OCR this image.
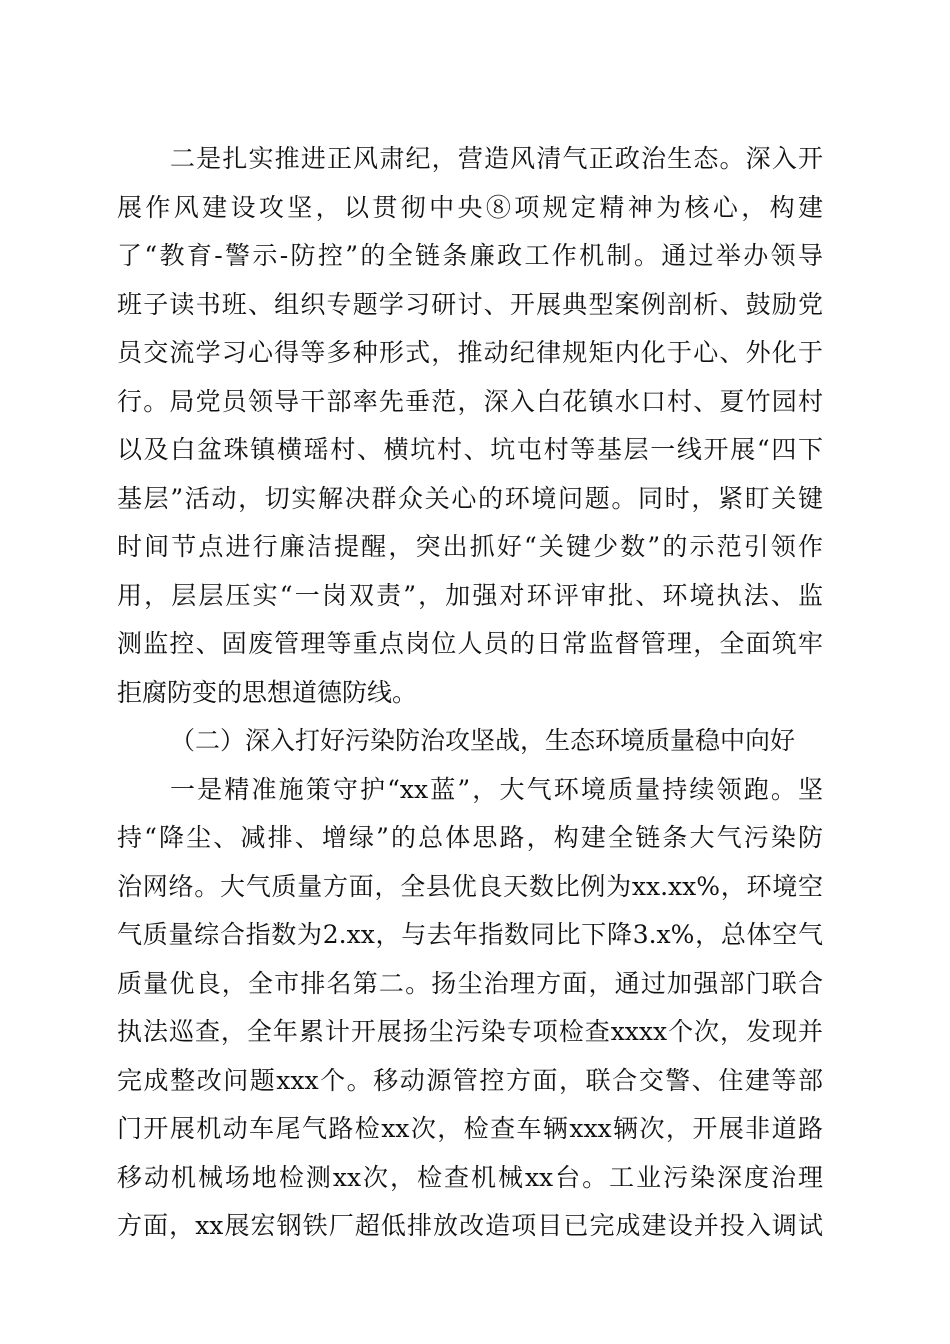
二是扎实推进正风肃纪，营造风清气正政治生态。深入开
展作风建设攻坚，以贯彻中央⑧项规定精神为核心，构建
了“教育-警示-防控”的全链条廉政工作机制。通过举办领导
班子读书班、组织专题学习研讨、开展典型案例剖析、鼓励党
员交流学习心得等多种形式，推动纪律规矩内化于心、外化于
行。局党员领导干部率先垂范，深入白花镇水口村、夏竹园村
以及白盆珠镇横瑶村、横坑村、坑屯村等基层一线开展“四下
基层”活动，切实解决群众关心的环境问题。同时，紧盯关键
时间节点进行廉洁提醒，突出抓好“关键少数”的示范引领作
用，层层压实“一岗双责”，加强对环评审批、环境执法、监
测监控、固废管理等重点岗位人员的日常监督管理，全面筑牢
拒腐防变的思想道德防线。
（二）深入打好污染防治攻坚战，生态环境质量稳中向好
一是精准施策守护“xx蓝”，大气环境质量持续领跑。坚
持“降尘、减排、增绿”的总体思路，构建全链条大气污染防
治网络。大气质量方面，全县优良天数比例为xx.xx%，环境空
气质量综合指数为2.xx，与去年指数同比下降3.x%，总体空气
质量优良，全市排名第二。扬尘治理方面，通过加强部门联合
执法巡查，全年累计开展扬尘污染专项检查xxxx个次，发现并
完成整改问题xxx个。移动源管控方面，联合交警、住建等部
门开展机动车尾气路检xx次，检查车辆xxx辆次，开展非道路
移动机械场地检测xx次，检查机械xx台。工业污染深度治理
方面，xx展宏钢铁厂超低排放改造项目已完成建设并投入调试
